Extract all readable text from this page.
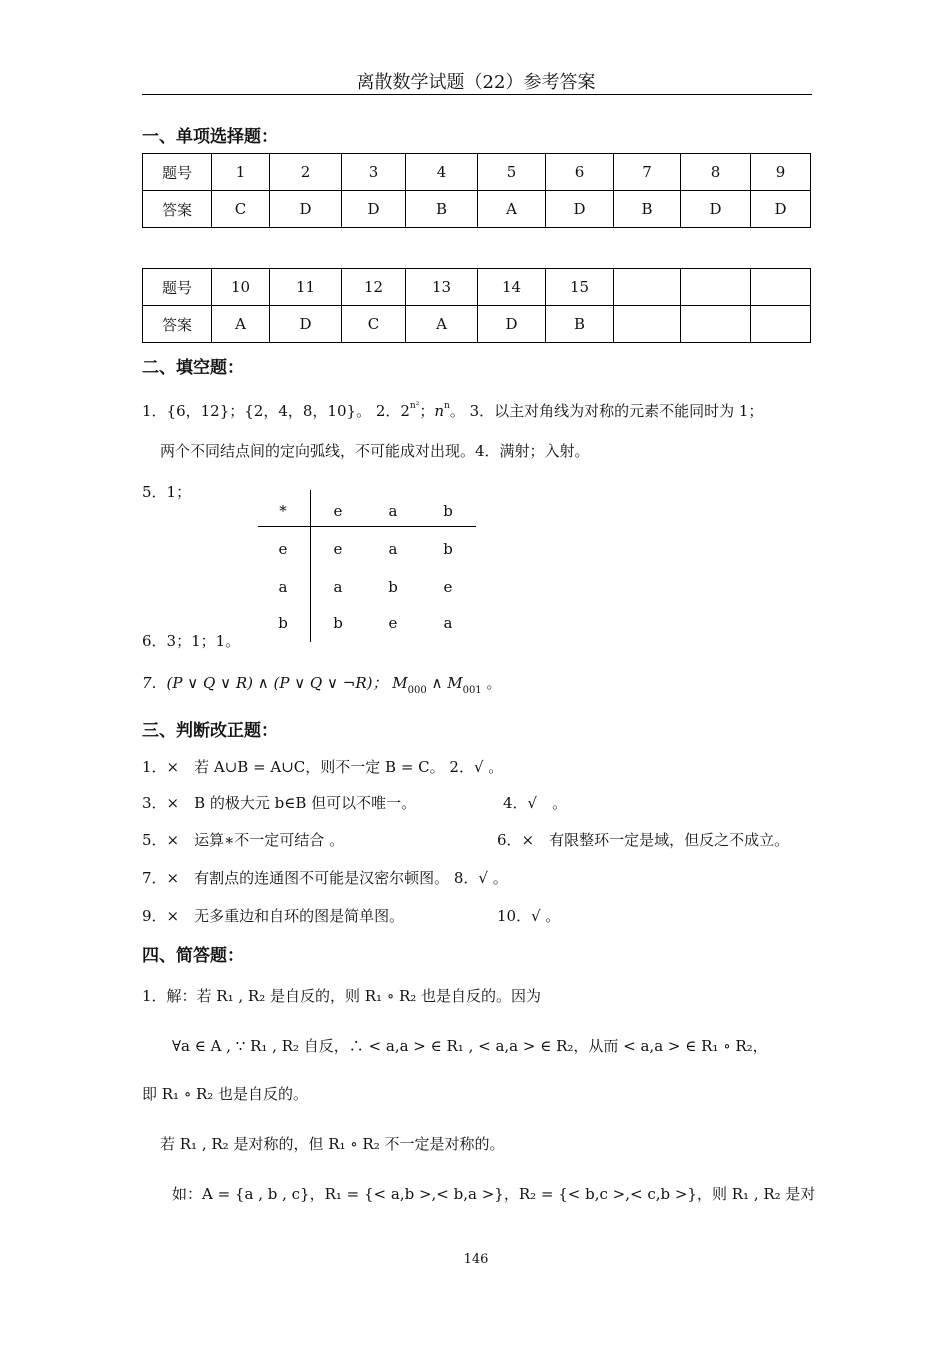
离散数学试题（22）参考答案
一、单项选择题：
题号	1	2	3	4	5	6	7	8	9
答案	C	D	D	B	A	D	B	D	D
题号	10	11	12	13	14	15			
答案	A	D	C	A	D	B			
二、填空题：
1．{6，12}；{2，4，8，10}。 2．$2^{n^2}$；$n^n$。 3．以主对角线为对称的元素不能同时为 1；
两个不同结点间的定向弧线，不可能成对出现。4．满射；入射。
5．1；
*	e	a	b
e	e	a	b
a	a	b	e
b	b	e	a
6．3；1；1。
7．(P ∨ Q ∨ R) ∧ (P ∨ Q ∨ ¬R)； $M_{000}$ ∧ $M_{001}$ 。
三、判断改正题：
1．×　若 A∪B = A∪C，则不一定 B = C。 2．√ 。
3．×　B 的极大元 b∈B 但可以不唯一。	4．√　。
5．×　运算∗不一定可结合 。	6．×　有限整环一定是域，但反之不成立。
7．×　有割点的连通图不可能是汉密尔顿图。 8．√ 。
9．×　无多重边和自环的图是简单图。	10．√ 。
四、简答题：
1．解：若 R₁ , R₂ 是自反的，则 R₁ ∘ R₂ 也是自反的。因为
∀a ∈ A , ∵ R₁ , R₂ 自反，∴ < a,a > ∈ R₁ , < a,a > ∈ R₂，从而 < a,a > ∈ R₁ ∘ R₂，
即 R₁ ∘ R₂ 也是自反的。
若 R₁ , R₂ 是对称的，但 R₁ ∘ R₂ 不一定是对称的。
如：A = {a , b , c}，R₁ = {< a,b >,< b,a >}，R₂ = {< b,c >,< c,b >}，则 R₁ , R₂ 是对
146
